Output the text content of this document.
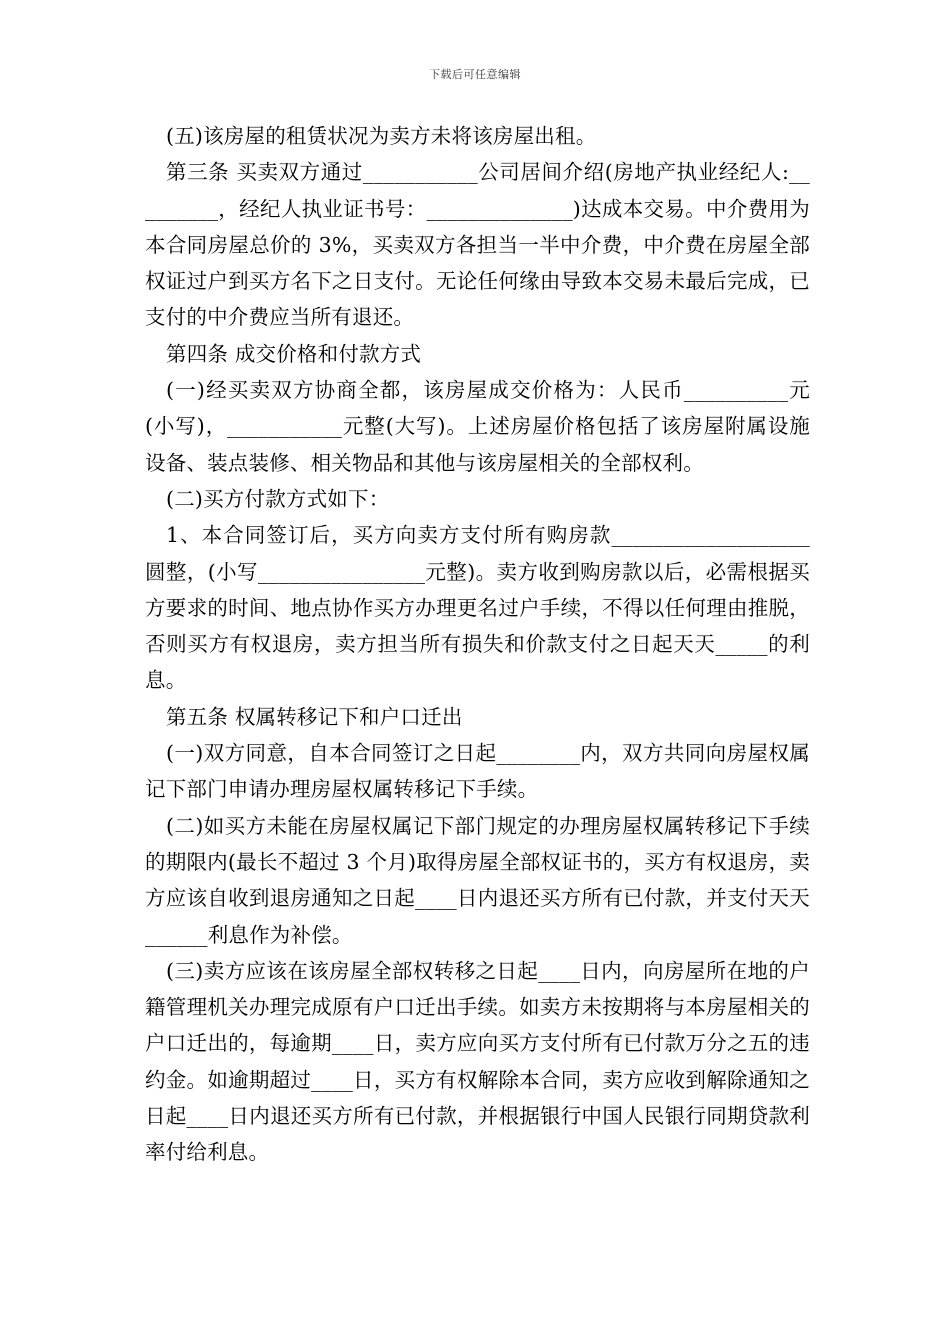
下载后可任意编辑

(五)该房屋的租赁状况为卖方未将该房屋出租。

第三条 买卖双方通过___________公司居间介绍(房地产执业经纪人:_________，经纪人执业证书号：______________)达成本交易。中介费用为本合同房屋总价的 3%，买卖双方各担当一半中介费，中介费在房屋全部权证过户到买方名下之日支付。无论任何缘由导致本交易未最后完成，已支付的中介费应当所有退还。

第四条 成交价格和付款方式

(一)经买卖双方协商全都，该房屋成交价格为：人民币__________元(小写)，___________元整(大写)。上述房屋价格包括了该房屋附属设施设备、装点装修、相关物品和其他与该房屋相关的全部权利。

(二)买方付款方式如下：

1、本合同签订后，买方向卖方支付所有购房款___________________圆整，(小写________________元整)。卖方收到购房款以后，必需根据买方要求的时间、地点协作买方办理更名过户手续，不得以任何理由推脱，否则买方有权退房，卖方担当所有损失和价款支付之日起天天_____的利息。

第五条 权属转移记下和户口迁出

(一)双方同意，自本合同签订之日起________内，双方共同向房屋权属记下部门申请办理房屋权属转移记下手续。

(二)如买方未能在房屋权属记下部门规定的办理房屋权属转移记下手续的期限内(最长不超过 3 个月)取得房屋全部权证书的，买方有权退房，卖方应该自收到退房通知之日起____日内退还买方所有已付款，并支付天天______利息作为补偿。

(三)卖方应该在该房屋全部权转移之日起____日内，向房屋所在地的户籍管理机关办理完成原有户口迁出手续。如卖方未按期将与本房屋相关的户口迁出的，每逾期____日，卖方应向买方支付所有已付款万分之五的违约金。如逾期超过____日，买方有权解除本合同，卖方应收到解除通知之日起____日内退还买方所有已付款，并根据银行中国人民银行同期贷款利率付给利息。
